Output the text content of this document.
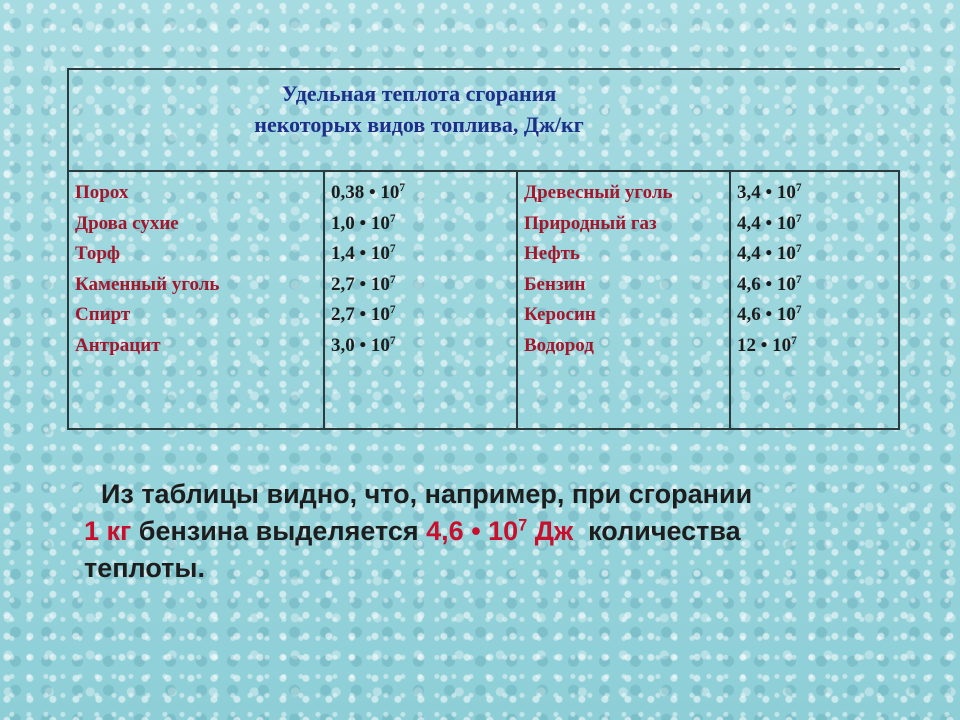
Удельная теплота сгорания
некоторых видов топлива, Дж/кг
Порох
Дрова сухие
Торф
Каменный уголь
Спирт
Антрацит
0,38 • $10^7$
1,0 • $10^7$
1,4 • $10^7$
2,7 • $10^7$
2,7 • $10^7$
3,0 • $10^7$
Древесный уголь
Природный газ
Нефть
Бензин
Керосин
Водород
3,4 • $10^7$
4,4 • $10^7$
4,4 • $10^7$
4,6 • $10^7$
4,6 • $10^7$
12 • $10^7$
Из таблицы видно, что, например, при сгорании
1 кг бензина выделяется 4,6 • $10^7$ Дж  количества
теплоты.
